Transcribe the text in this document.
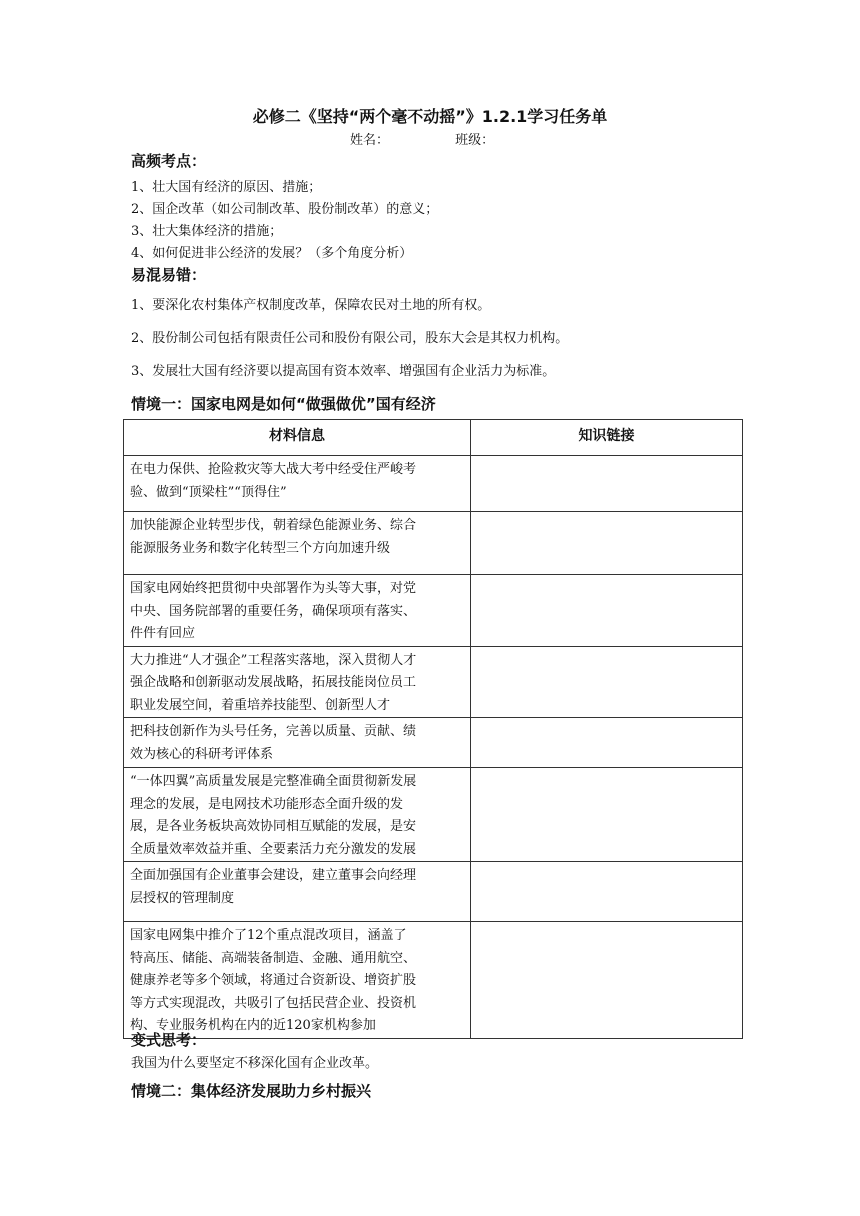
必修二《坚持“两个毫不动摇”》1.2.1学习任务单
姓名：	班级：
高频考点：
1、壮大国有经济的原因、措施；
2、国企改革（如公司制改革、股份制改革）的意义；
3、壮大集体经济的措施；
4、如何促进非公经济的发展？（多个角度分析）
易混易错：
1、要深化农村集体产权制度改革，保障农民对土地的所有权。
2、股份制公司包括有限责任公司和股份有限公司，股东大会是其权力机构。
3、发展壮大国有经济要以提高国有资本效率、增强国有企业活力为标准。
情境一：国家电网是如何“做强做优”国有经济
材料信息	知识链接

在电力保供、抢险救灾等大战大考中经受住严峻考
验、做到“顶梁柱”“顶得住”	

加快能源企业转型步伐，朝着绿色能源业务、综合
能源服务业务和数字化转型三个方向加速升级	

国家电网始终把贯彻中央部署作为头等大事，对党
中央、国务院部署的重要任务，确保项项有落实、
件件有回应	

大力推进“人才强企”工程落实落地，深入贯彻人才
强企战略和创新驱动发展战略，拓展技能岗位员工
职业发展空间，着重培养技能型、创新型人才	

把科技创新作为头号任务，完善以质量、贡献、绩
效为核心的科研考评体系	

“一体四翼”高质量发展是完整准确全面贯彻新发展
理念的发展，是电网技术功能形态全面升级的发
展，是各业务板块高效协同相互赋能的发展，是安
全质量效率效益并重、全要素活力充分激发的发展	

全面加强国有企业董事会建设，建立董事会向经理
层授权的管理制度	

国家电网集中推介了12个重点混改项目，涵盖了
特高压、储能、高端装备制造、金融、通用航空、
健康养老等多个领域，将通过合资新设、增资扩股
等方式实现混改，共吸引了包括民营企业、投资机
构、专业服务机构在内的近120家机构参加	

变式思考：
我国为什么要坚定不移深化国有企业改革。
情境二：集体经济发展助力乡村振兴
